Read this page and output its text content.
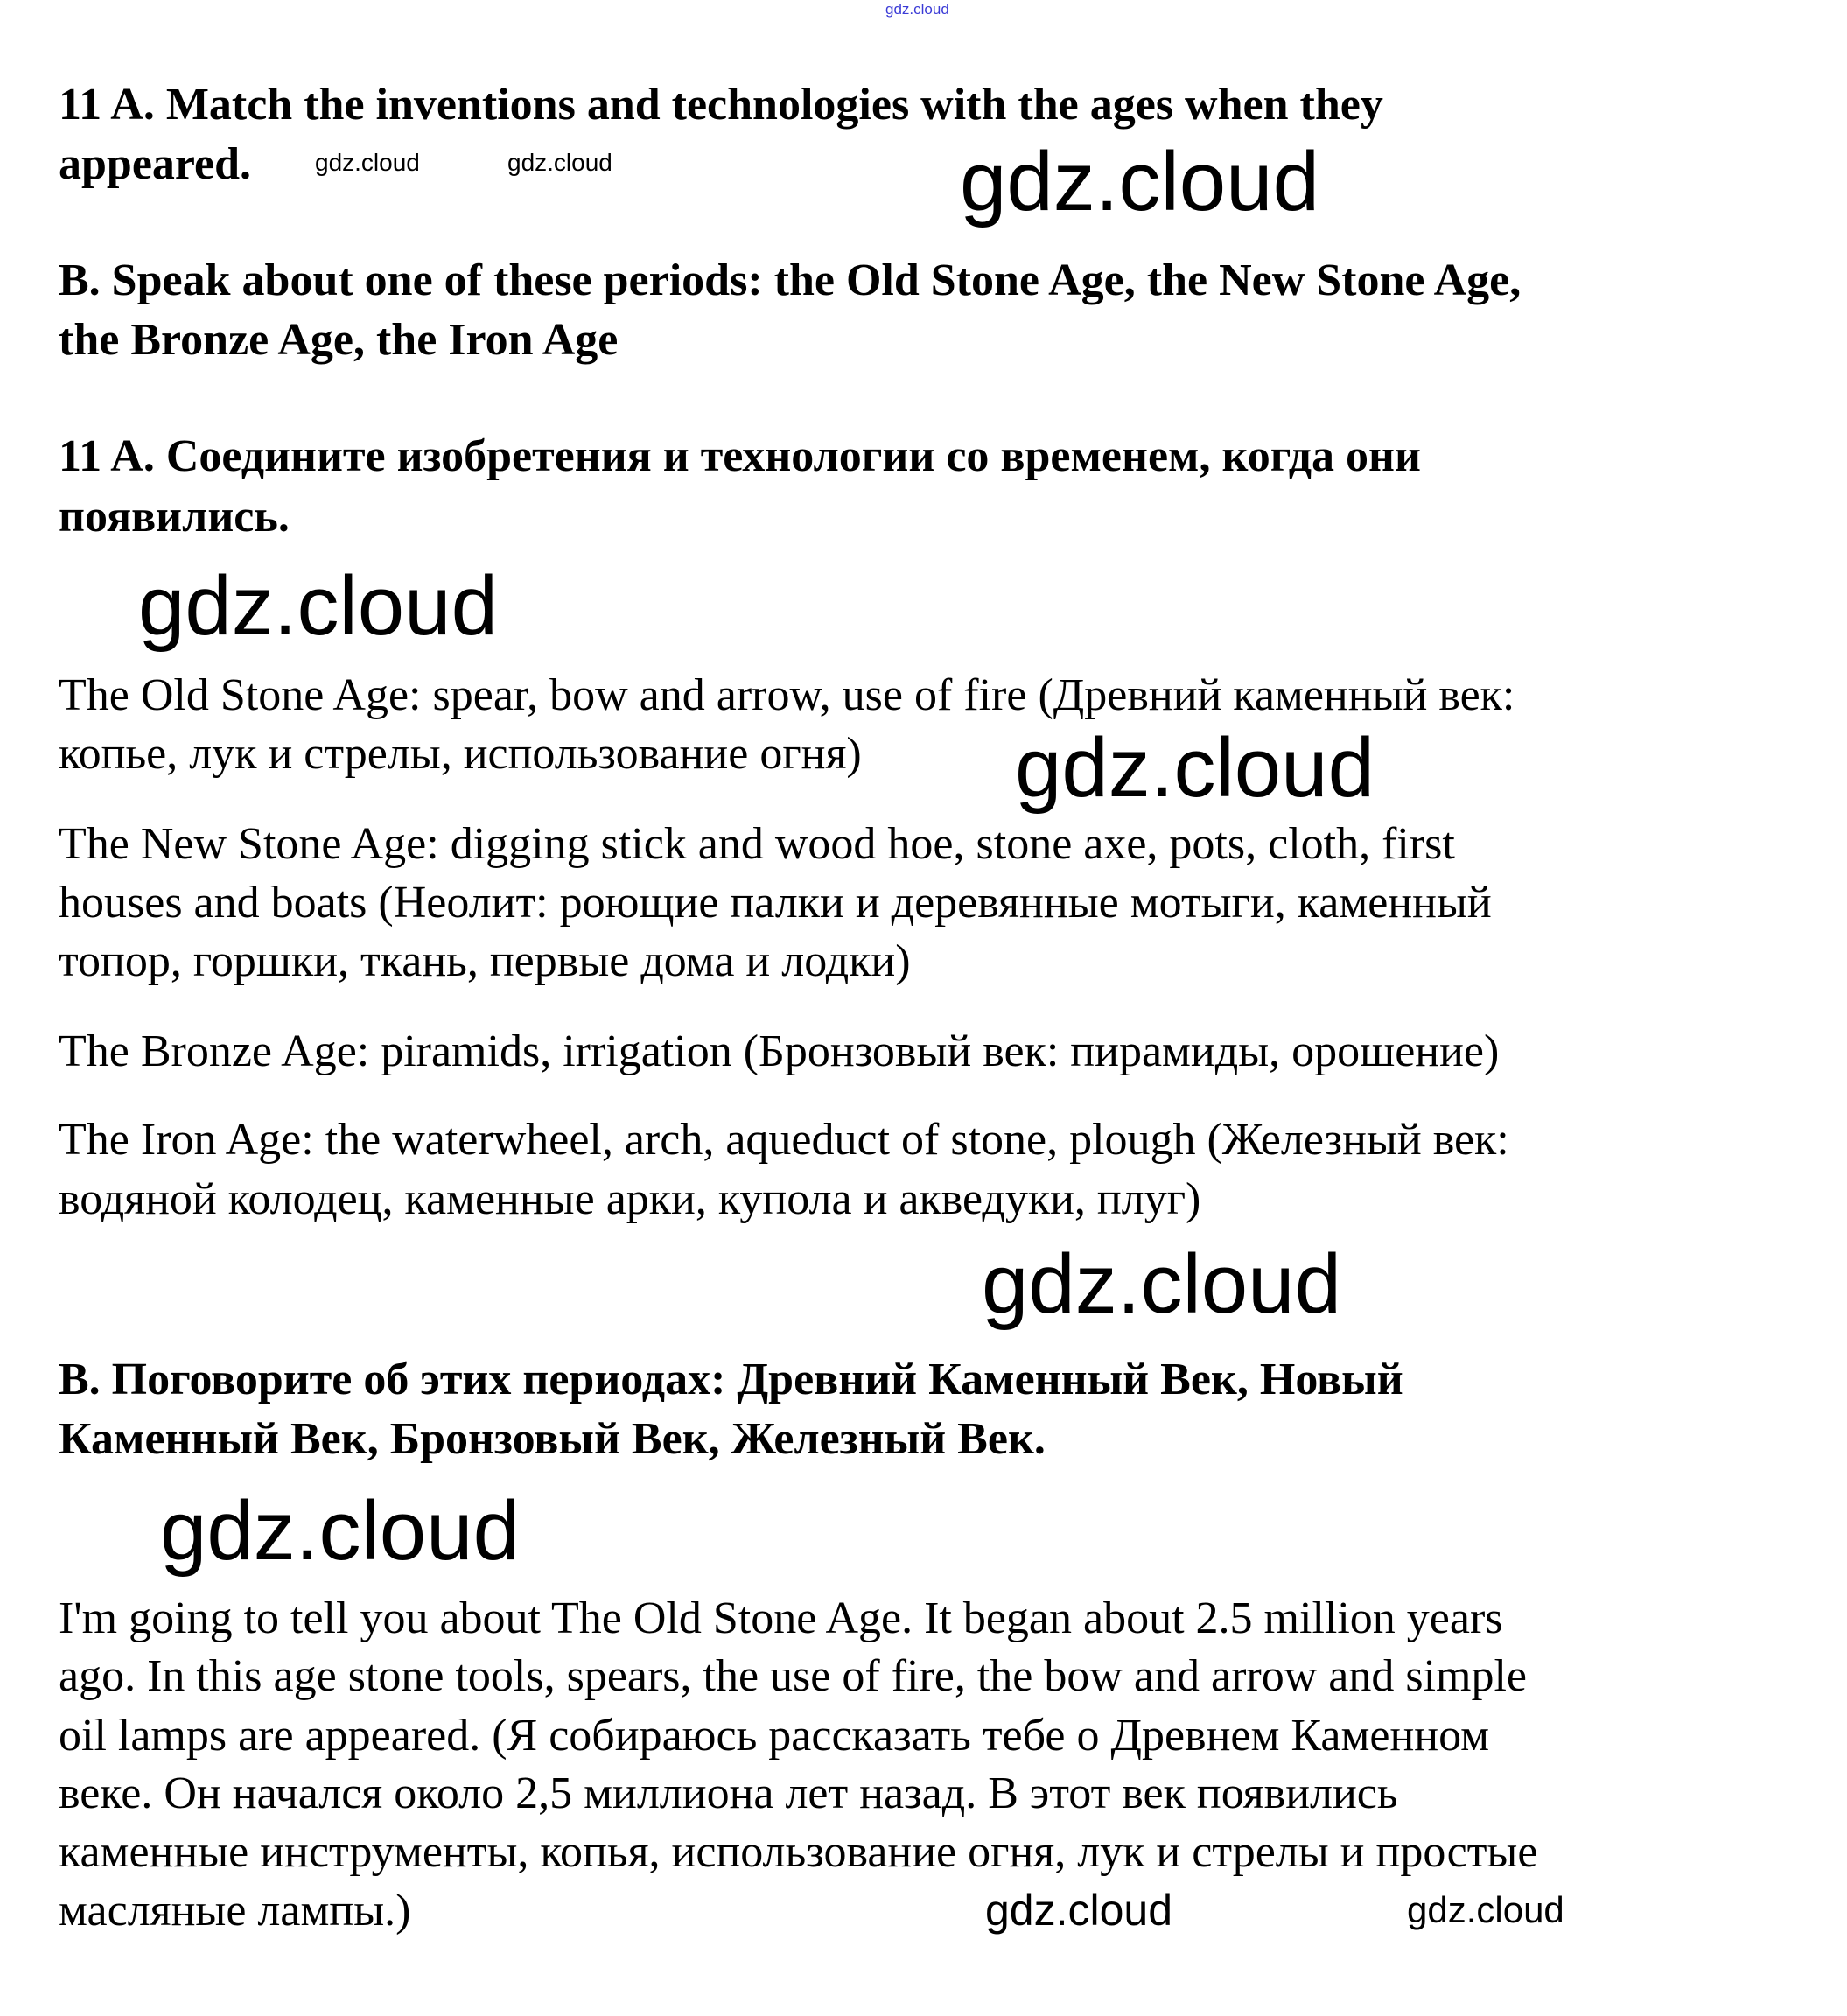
gdz.cloud
gdz.cloud	gdz.cloud	gdz.cloud
gdz.cloud
gdz.cloud
gdz.cloud
gdz.cloud
gdz.cloud	gdz.cloud
11 A. Match the inventions and technologies with the ages when they
appeared.
B. Speak about one of these periods: the Old Stone Age, the New Stone Age,
the Bronze Age, the Iron Age
11 A. Соедините изобретения и технологии со временем, когда они
появились.
The Old Stone Age: spear, bow and arrow, use of fire (Древний каменный век:
копье, лук и стрелы, использование огня)
The New Stone Age: digging stick and wood hoe, stone axe, pots, cloth, first
houses and boats (Неолит: роющие палки и деревянные мотыги, каменный
топор, горшки, ткань, первые дома и лодки)
The Bronze Age: piramids, irrigation (Бронзовый век: пирамиды, орошение)
The Iron Age: the waterwheel, arch, aqueduct of stone, plough (Железный век:
водяной колодец, каменные арки, купола и акведуки, плуг)
B. Поговорите об этих периодах: Древний Каменный Век, Новый
Каменный Век, Бронзовый Век, Железный Век.
I'm going to tell you about The Old Stone Age. It began about 2.5 million years
ago. In this age stone tools, spears, the use of fire, the bow and arrow and simple
oil lamps are appeared. (Я собираюсь рассказать тебе о Древнем Каменном
веке. Он начался около 2,5 миллиона лет назад. В этот век появились
каменные инструменты, копья, использование огня, лук и стрелы и простые
масляные лампы.)
